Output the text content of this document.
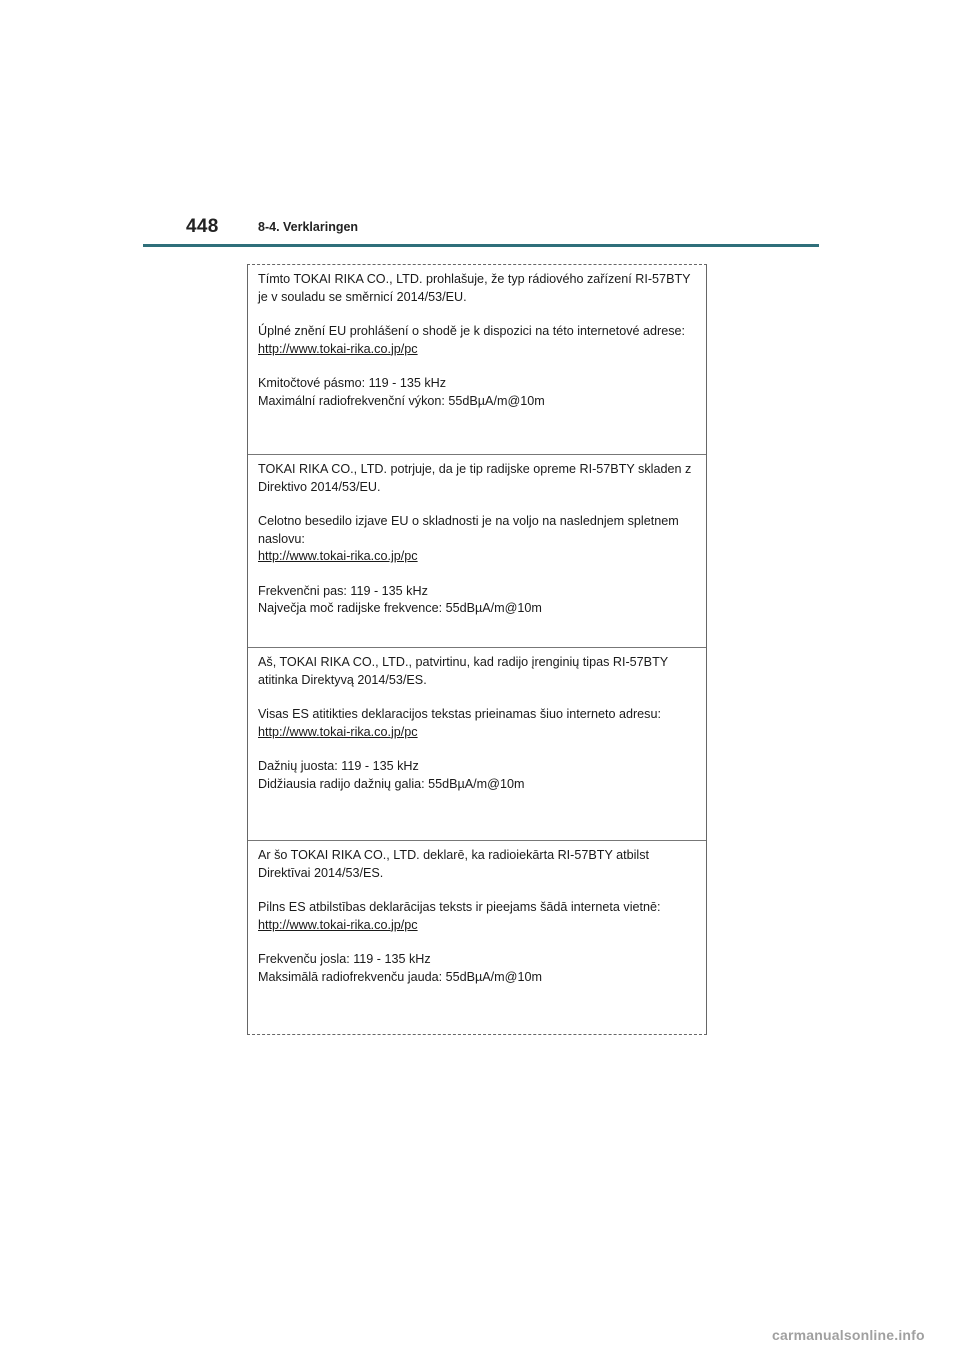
448	8-4. Verklaringen

Tímto TOKAI RIKA CO., LTD. prohlašuje, že typ rádiového zařízení RI-57BTY je v souladu se směrnicí 2014/53/EU.

Úplné znění EU prohlášení o shodě je k dispozici na této internetové adrese:

http://www.tokai-rika.co.jp/pc

Kmitočtové pásmo: 119 - 135 kHz

Maximální radiofrekvenční výkon: 55dBµA/m@10m

TOKAI RIKA CO., LTD. potrjuje, da je tip radijske opreme RI-57BTY skladen z Direktivo 2014/53/EU.

Celotno besedilo izjave EU o skladnosti je na voljo na naslednjem spletnem naslovu:

http://www.tokai-rika.co.jp/pc

Frekvenčni pas: 119 - 135 kHz

Največja moč radijske frekvence: 55dBµA/m@10m

Aš, TOKAI RIKA CO., LTD., patvirtinu, kad radijo įrenginių tipas RI-57BTY atitinka Direktyvą 2014/53/ES.

Visas ES atitikties deklaracijos tekstas prieinamas šiuo interneto adresu:

http://www.tokai-rika.co.jp/pc

Dažnių juosta: 119 - 135 kHz

Didžiausia radijo dažnių galia: 55dBµA/m@10m

Ar šo TOKAI RIKA CO., LTD. deklarē, ka radioiekārta RI-57BTY atbilst Direktīvai 2014/53/ES.

Pilns ES atbilstības deklarācijas teksts ir pieejams šādā interneta vietnē:

http://www.tokai-rika.co.jp/pc

Frekvenču josla: 119 - 135 kHz

Maksimālā radiofrekvenču jauda: 55dBµA/m@10m

carmanualsonline.info
